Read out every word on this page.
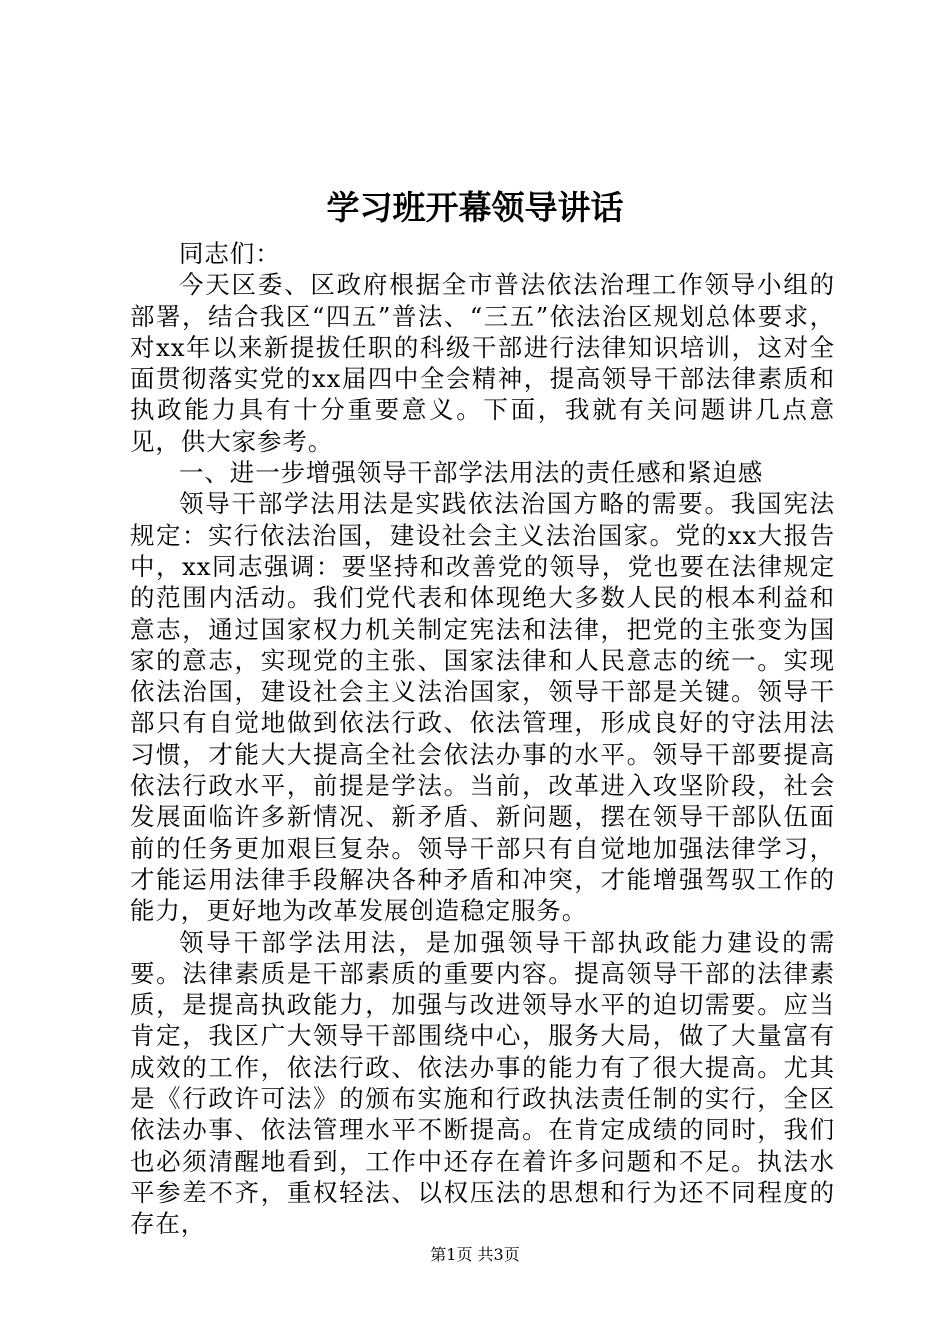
学习班开幕领导讲话

同志们：

今天区委、区政府根据全市普法依法治理工作领导小组的部署，结合我区“四五”普法、“三五”依法治区规划总体要求，对xx年以来新提拔任职的科级干部进行法律知识培训，这对全面贯彻落实党的xx届四中全会精神，提高领导干部法律素质和执政能力具有十分重要意义。下面，我就有关问题讲几点意见，供大家参考。

一、进一步增强领导干部学法用法的责任感和紧迫感

领导干部学法用法是实践依法治国方略的需要。我国宪法规定：实行依法治国，建设社会主义法治国家。党的xx大报告中，xx同志强调：要坚持和改善党的领导，党也要在法律规定的范围内活动。我们党代表和体现绝大多数人民的根本利益和意志，通过国家权力机关制定宪法和法律，把党的主张变为国家的意志，实现党的主张、国家法律和人民意志的统一。实现依法治国，建设社会主义法治国家，领导干部是关键。领导干部只有自觉地做到依法行政、依法管理，形成良好的守法用法习惯，才能大大提高全社会依法办事的水平。领导干部要提高依法行政水平，前提是学法。当前，改革进入攻坚阶段，社会发展面临许多新情况、新矛盾、新问题，摆在领导干部队伍面前的任务更加艰巨复杂。领导干部只有自觉地加强法律学习，才能运用法律手段解决各种矛盾和冲突，才能增强驾驭工作的能力，更好地为改革发展创造稳定服务。

领导干部学法用法，是加强领导干部执政能力建设的需要。法律素质是干部素质的重要内容。提高领导干部的法律素质，是提高执政能力，加强与改进领导水平的迫切需要。应当肯定，我区广大领导干部围绕中心，服务大局，做了大量富有成效的工作，依法行政、依法办事的能力有了很大提高。尤其是《行政许可法》的颁布实施和行政执法责任制的实行，全区依法办事、依法管理水平不断提高。在肯定成绩的同时，我们也必须清醒地看到，工作中还存在着许多问题和不足。执法水平参差不齐，重权轻法、以权压法的思想和行为还不同程度的存在，

第1页 共3页
